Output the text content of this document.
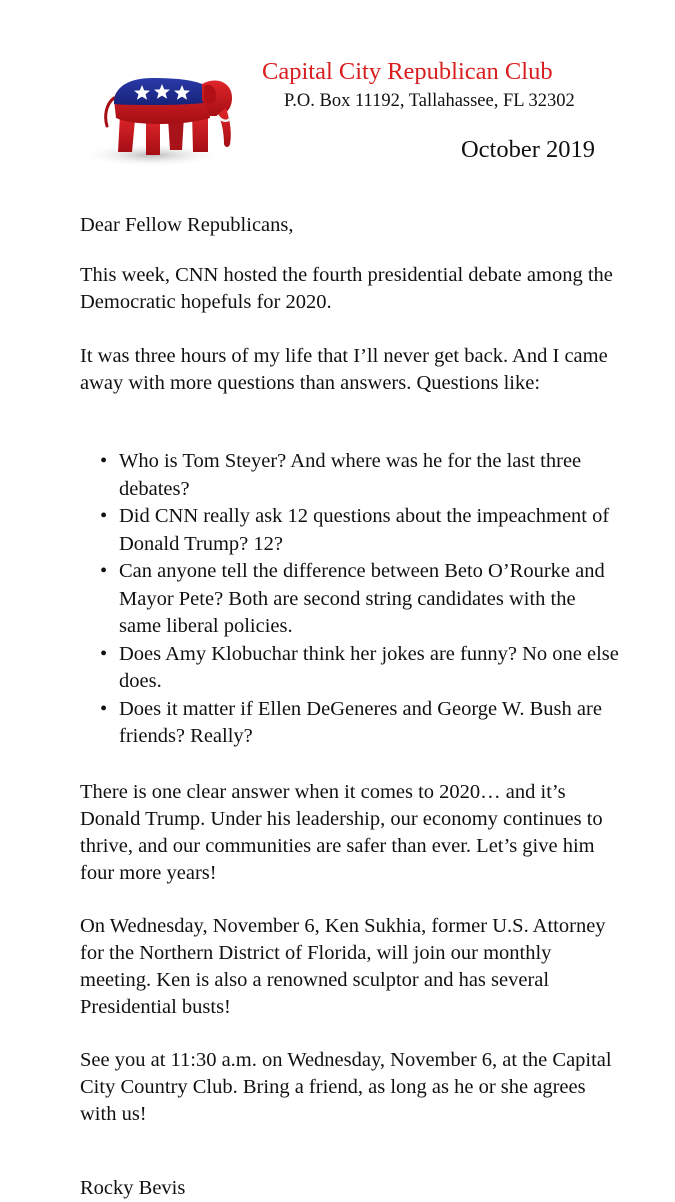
Capital City Republican Club
P.O. Box 11192, Tallahassee, FL 32302
October 2019

Dear Fellow Republicans,

This week, CNN hosted the fourth presidential debate among the Democratic hopefuls for 2020.

It was three hours of my life that I’ll never get back. And I came away with more questions than answers. Questions like:

• Who is Tom Steyer? And where was he for the last three debates?
• Did CNN really ask 12 questions about the impeachment of Donald Trump? 12?
• Can anyone tell the difference between Beto O’Rourke and Mayor Pete? Both are second string candidates with the same liberal policies.
• Does Amy Klobuchar think her jokes are funny? No one else does.
• Does it matter if Ellen DeGeneres and George W. Bush are friends? Really?

There is one clear answer when it comes to 2020… and it’s Donald Trump. Under his leadership, our economy continues to thrive, and our communities are safer than ever. Let’s give him four more years!

On Wednesday, November 6, Ken Sukhia, former U.S. Attorney for the Northern District of Florida, will join our monthly meeting. Ken is also a renowned sculptor and has several Presidential busts!

See you at 11:30 a.m. on Wednesday, November 6, at the Capital City Country Club. Bring a friend, as long as he or she agrees with us!

Rocky Bevis
